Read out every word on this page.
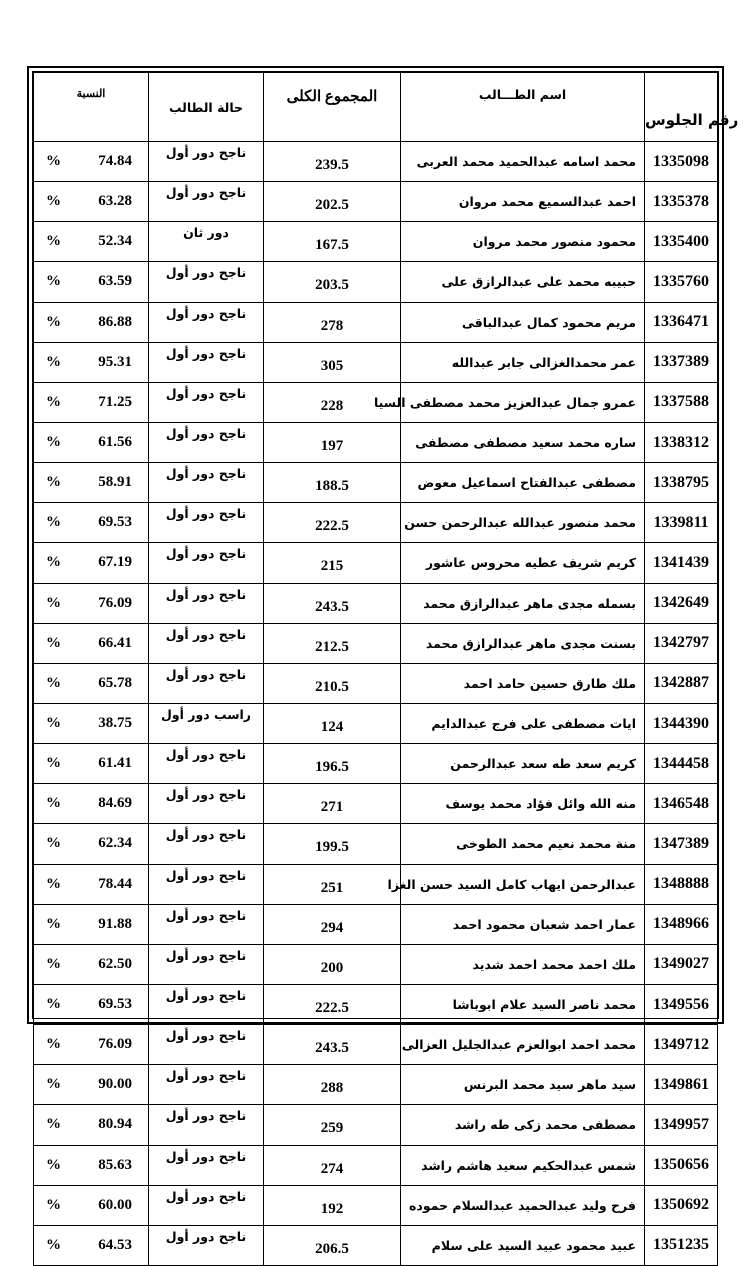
النسبة	حالة الطالب	المجموع الكلى	اسم الطـــالب	رقم الجلوس
% 74.84	ناجح دور أول	239.5	محمد اسامه عبدالحميد محمد العربى	1335098
% 63.28	ناجح دور أول	202.5	احمد عبدالسميع محمد مروان	1335378
% 52.34	دور ثان	167.5	محمود منصور محمد مروان	1335400
% 63.59	ناجح دور أول	203.5	حبيبه محمد على عبدالرازق على	1335760
% 86.88	ناجح دور أول	278	مريم محمود كمال عبدالباقى	1336471
% 95.31	ناجح دور أول	305	عمر محمدالغزالى جابر عبدالله	1337389
% 71.25	ناجح دور أول	228	عمرو جمال عبدالعزيز محمد مصطفى السيا	1337588
% 61.56	ناجح دور أول	197	ساره محمد سعيد مصطفى مصطفى	1338312
% 58.91	ناجح دور أول	188.5	مصطفى عبدالفتاح اسماعيل معوض	1338795
% 69.53	ناجح دور أول	222.5	محمد منصور عبدالله عبدالرحمن حسن	1339811
% 67.19	ناجح دور أول	215	كريم شريف عطيه محروس عاشور	1341439
% 76.09	ناجح دور أول	243.5	بسمله مجدى ماهر عبدالرازق محمد	1342649
% 66.41	ناجح دور أول	212.5	بسنت مجدى ماهر عبدالرازق محمد	1342797
% 65.78	ناجح دور أول	210.5	ملك طارق حسين حامد احمد	1342887
% 38.75	راسب دور أول	124	ايات مصطفى على فرج عبدالدايم	1344390
% 61.41	ناجح دور أول	196.5	كريم سعد طه سعد عبدالرحمن	1344458
% 84.69	ناجح دور أول	271	منه الله وائل فؤاد محمد يوسف	1346548
% 62.34	ناجح دور أول	199.5	منة محمد نعيم محمد الطوخى	1347389
% 78.44	ناجح دور أول	251	عبدالرحمن ايهاب كامل السيد حسن الغزا	1348888
% 91.88	ناجح دور أول	294	عمار احمد شعبان محمود احمد	1348966
% 62.50	ناجح دور أول	200	ملك احمد محمد احمد شديد	1349027
% 69.53	ناجح دور أول	222.5	محمد ناصر السيد علام ابوباشا	1349556
% 76.09	ناجح دور أول	243.5	محمد احمد ابوالعزم عبدالجليل العزالى	1349712
% 90.00	ناجح دور أول	288	سيد ماهر سيد محمد البرنس	1349861
% 80.94	ناجح دور أول	259	مصطفى محمد زكى طه راشد	1349957
% 85.63	ناجح دور أول	274	شمس عبدالحكيم سعيد هاشم راشد	1350656
% 60.00	ناجح دور أول	192	فرح وليد عبدالحميد عبدالسلام حموده	1350692
% 64.53	ناجح دور أول	206.5	عبيد محمود عبيد السيد على سلام	1351235
